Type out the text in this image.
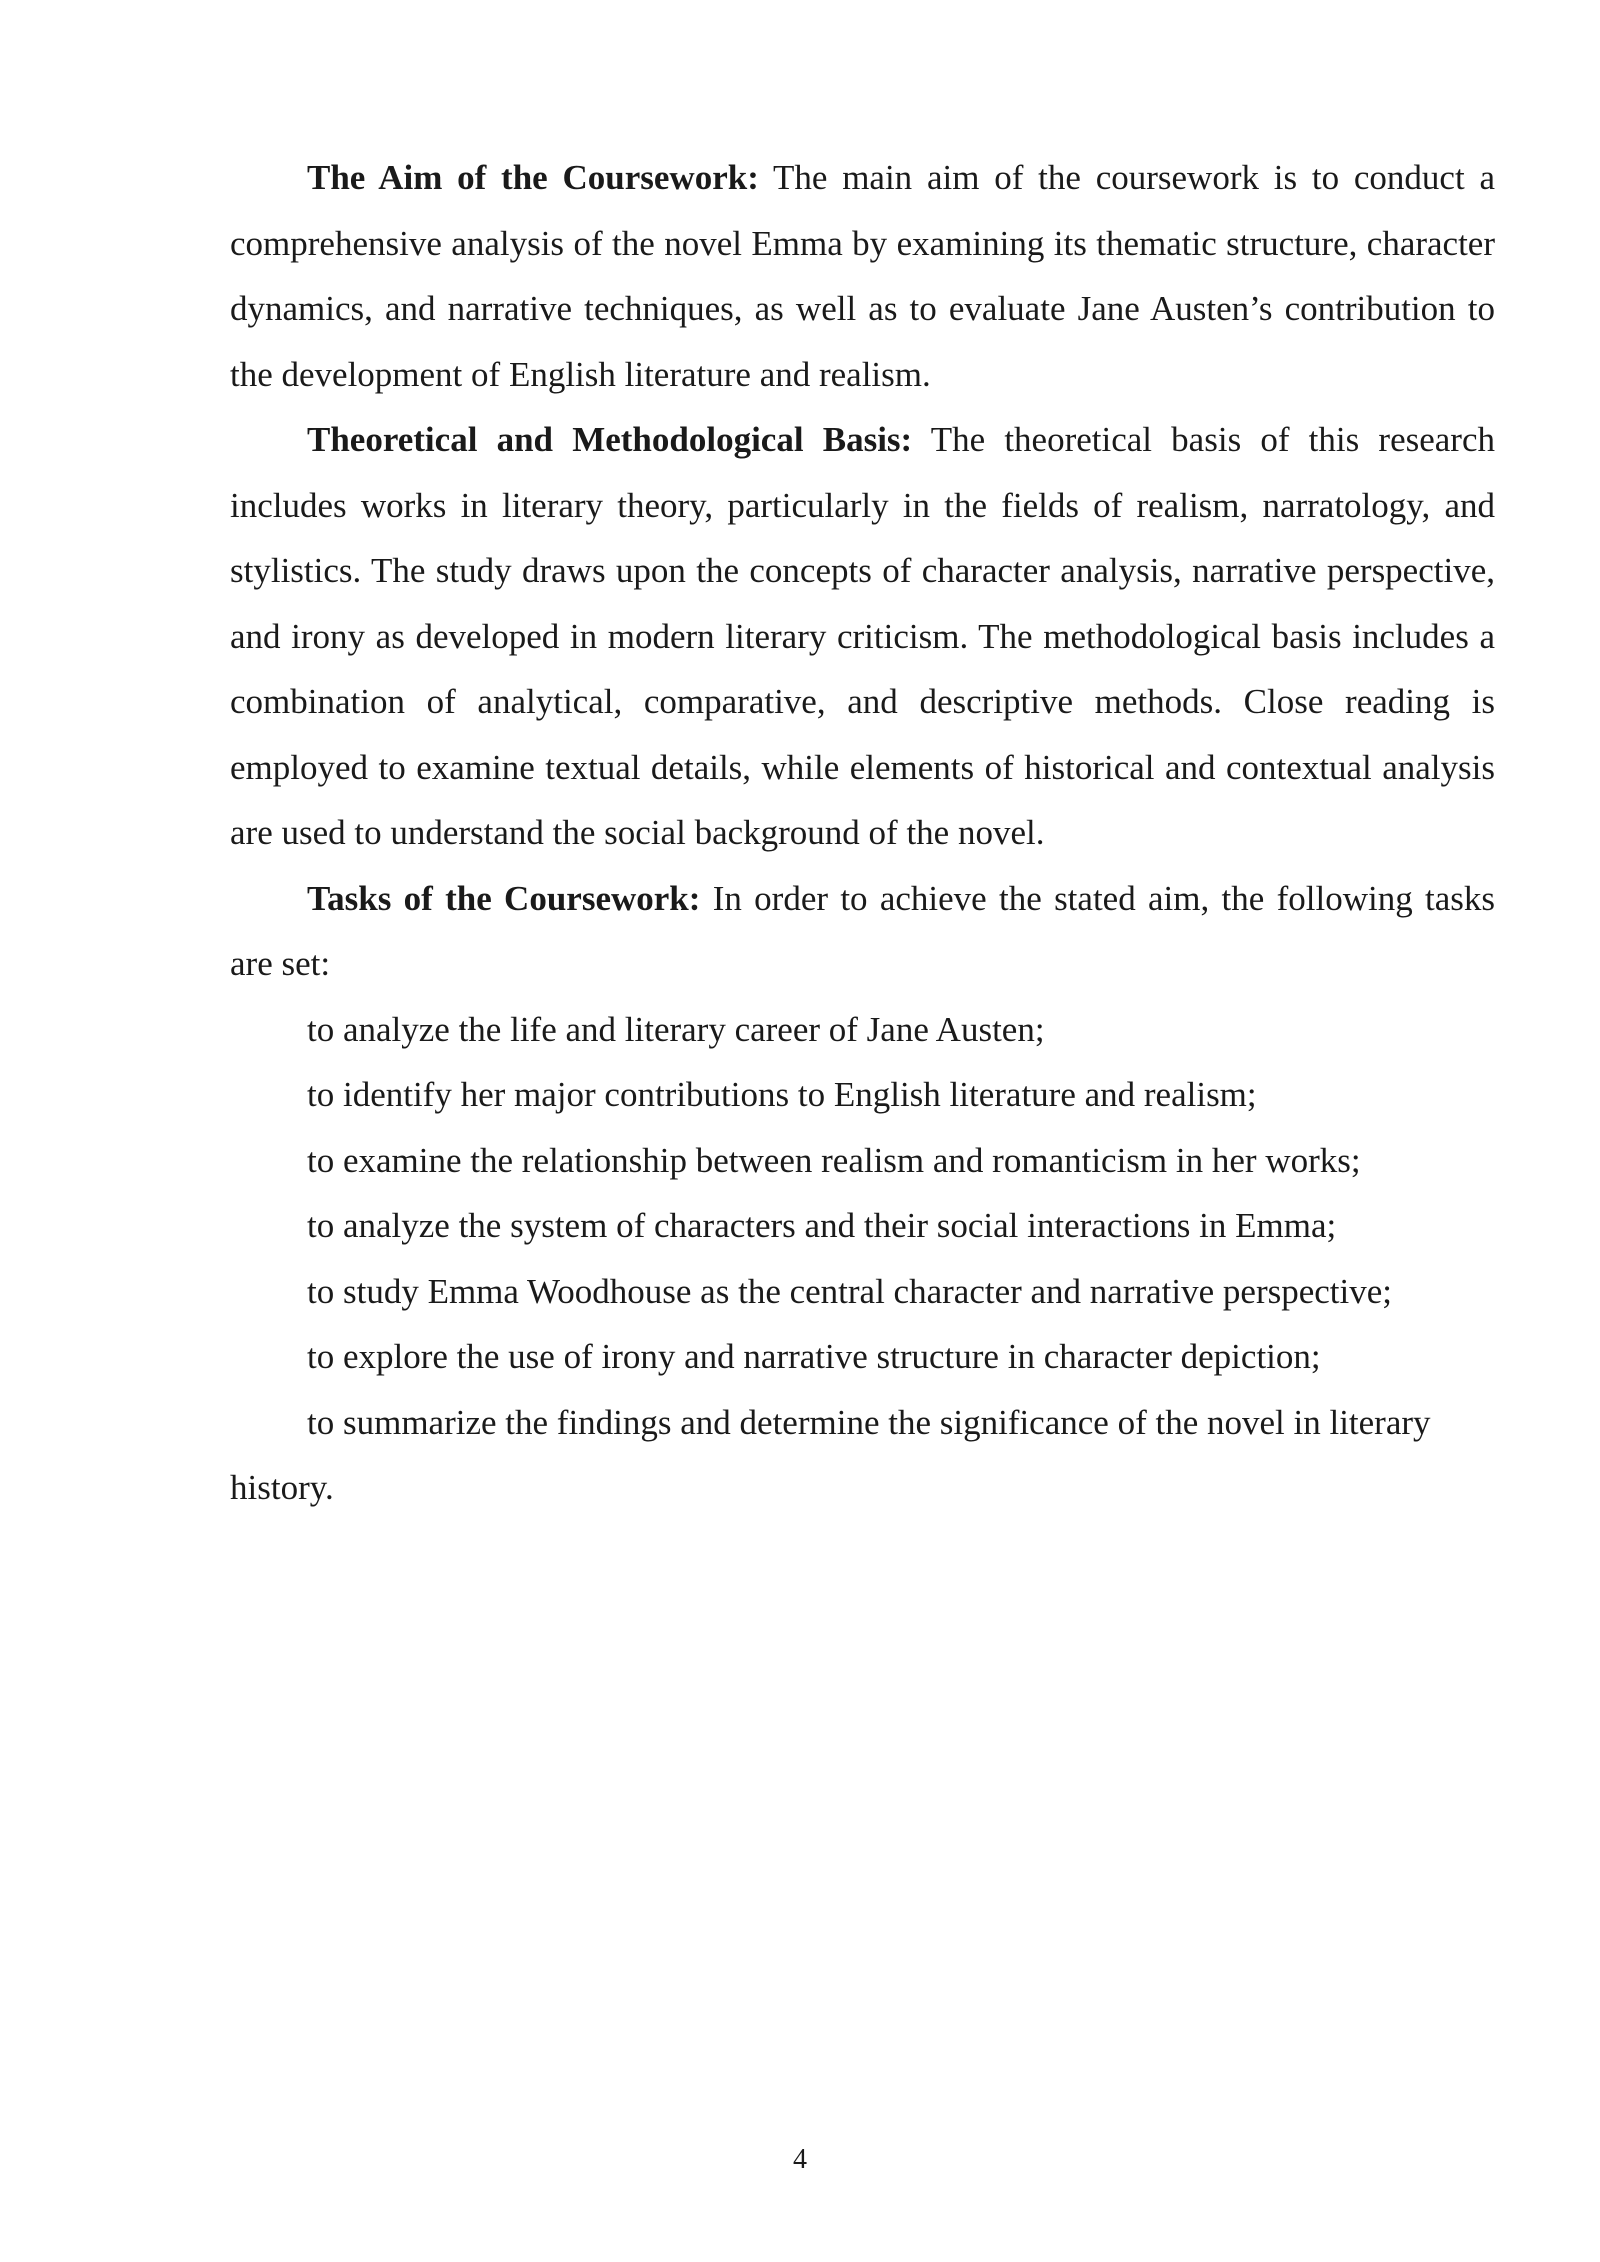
The Aim of the Coursework: The main aim of the coursework is to conduct a comprehensive analysis of the novel Emma by examining its thematic structure, character dynamics, and narrative techniques, as well as to evaluate Jane Austen’s contribution to the development of English literature and realism.

Theoretical and Methodological Basis: The theoretical basis of this research includes works in literary theory, particularly in the fields of realism, narratology, and stylistics. The study draws upon the concepts of character analysis, narrative perspective, and irony as developed in modern literary criticism. The methodological basis includes a combination of analytical, comparative, and descriptive methods. Close reading is employed to examine textual details, while elements of historical and contextual analysis are used to understand the social background of the novel.

Tasks of the Coursework: In order to achieve the stated aim, the following tasks are set:

to analyze the life and literary career of Jane Austen;

to identify her major contributions to English literature and realism;

to examine the relationship between realism and romanticism in her works;

to analyze the system of characters and their social interactions in Emma;

to study Emma Woodhouse as the central character and narrative perspective;

to explore the use of irony and narrative structure in character depiction;

to summarize the findings and determine the significance of the novel in literary history.

4
